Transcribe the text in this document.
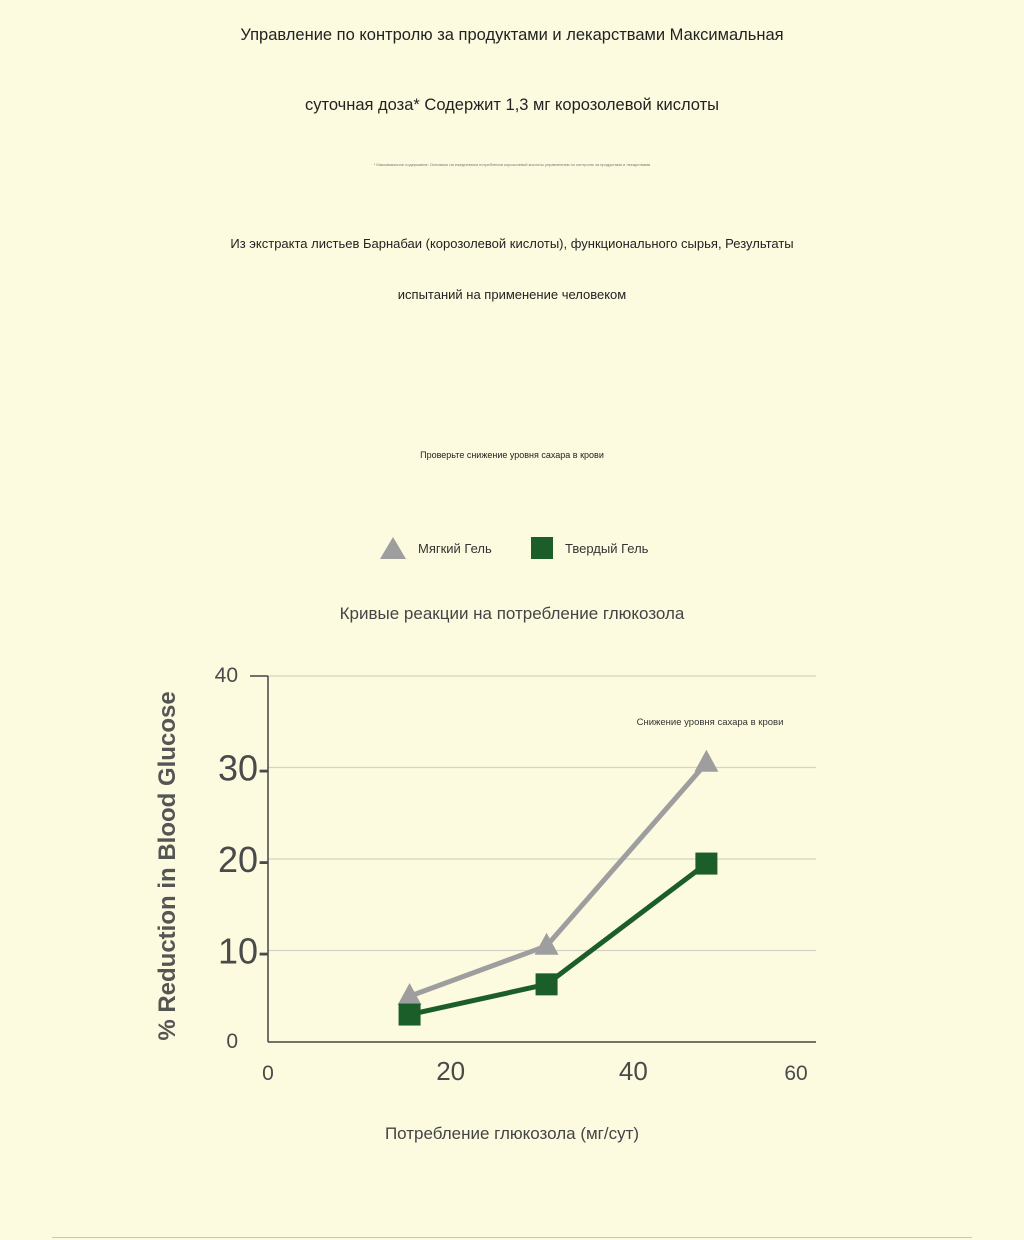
Управление по контролю за продуктами и лекарствами Максимальная
суточная доза* Содержит 1,3 мг корозолевой кислоты
* Максимальное содержание: Основано на ежедневном потреблении корозолевой кислоты управлением по контролю за продуктами и лекарствами
Из экстракта листьев Барнабаи (корозолевой кислоты), функционального сырья, Результаты
испытаний на применение человеком
Проверьте снижение уровня сахара в крови
Мягкий Гель	Твердый Гель
Кривые реакции на потребление глюкозола
0
10-
20-
30-
40
0	20	40	60
% Reduction in Blood Glucose
Потребление глюкозола (мг/сут)
Снижение уровня сахара в крови
